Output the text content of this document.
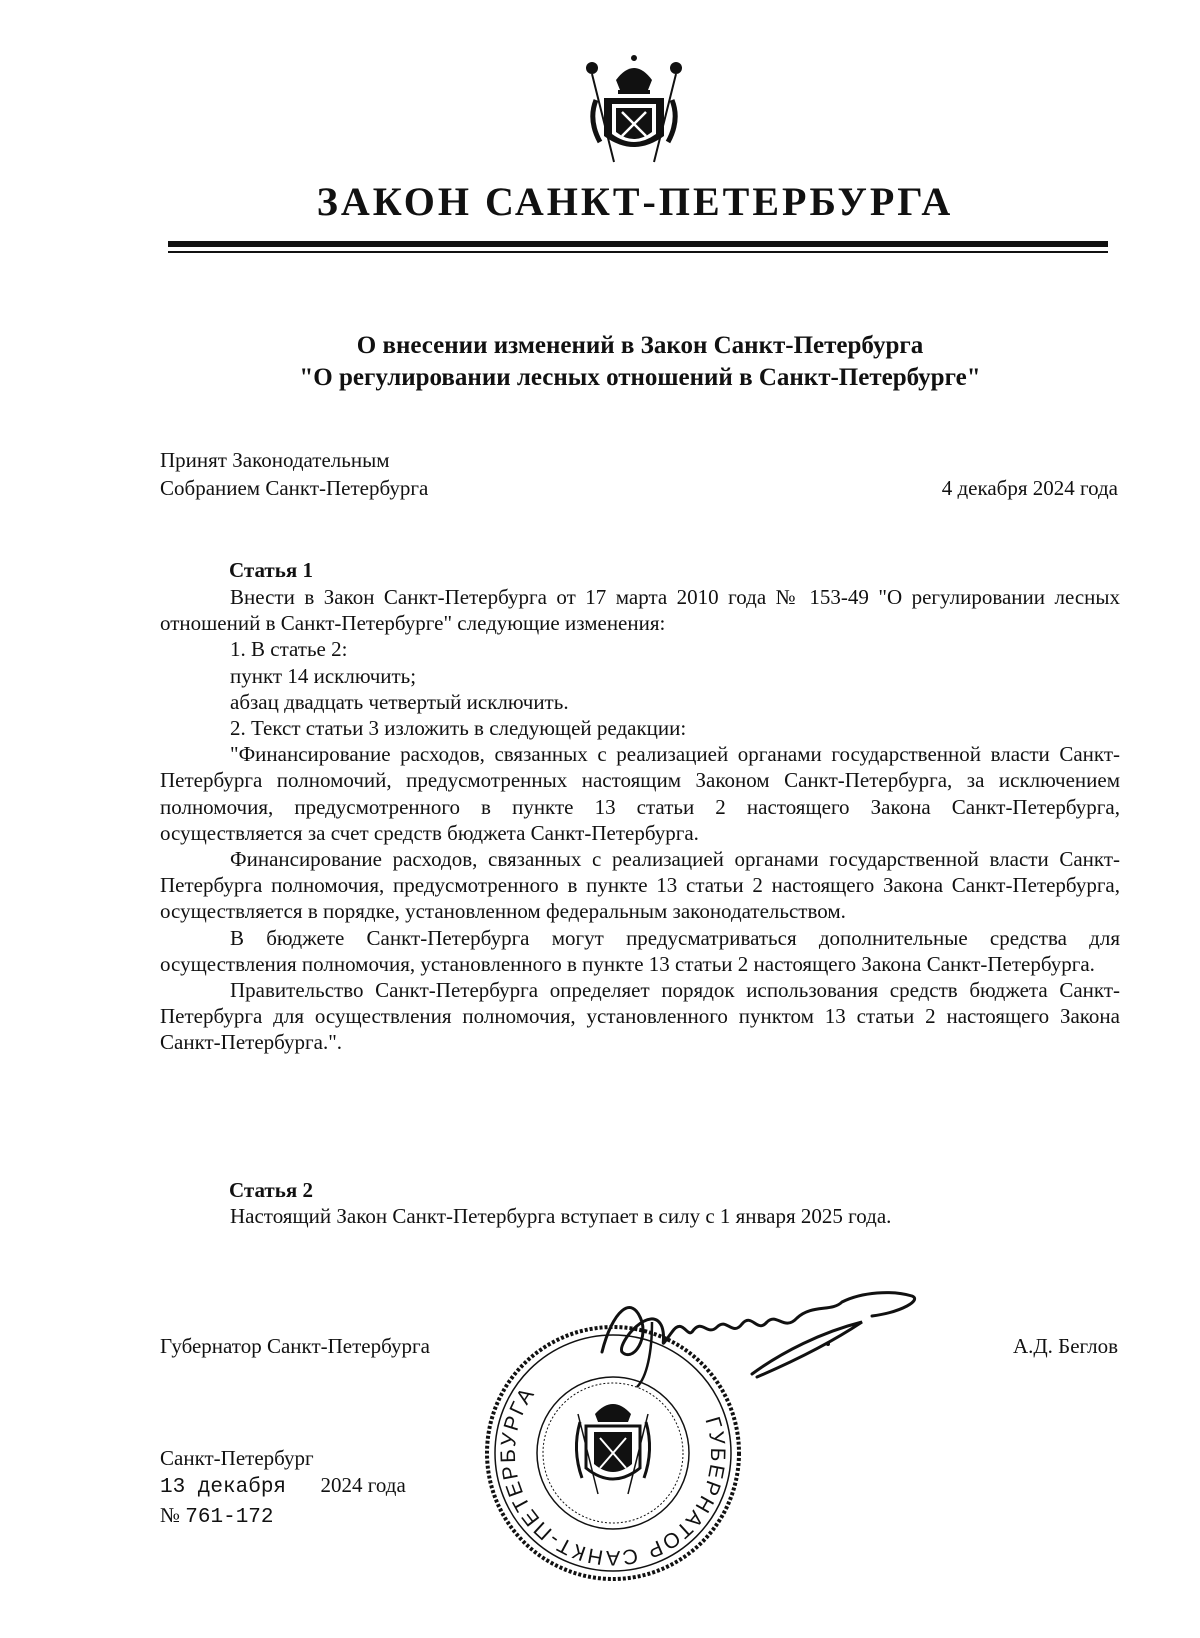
ЗАКОН САНКТ-ПЕТЕРБУРГА
О внесении изменений в Закон Санкт-Петербурга
"О регулировании лесных отношений в Санкт-Петербурге"
Принят Законодательным
Собранием Санкт-Петербурга	4 декабря 2024 года
Статья 1

Внести в Закон Санкт-Петербурга от 17 марта 2010 года № 153-49 "О регулировании лесных отношений в Санкт-Петербурге" следующие изменения:

1. В статье 2:

пункт 14 исключить;

абзац двадцать четвертый исключить.

2. Текст статьи 3 изложить в следующей редакции:

"Финансирование расходов, связанных с реализацией органами государственной власти Санкт-Петербурга полномочий, предусмотренных настоящим Законом Санкт-Петербурга, за исключением полномочия, предусмотренного в пункте 13 статьи 2 настоящего Закона Санкт-Петербурга, осуществляется за счет средств бюджета Санкт-Петербурга.

Финансирование расходов, связанных с реализацией органами государственной власти Санкт-Петербурга полномочия, предусмотренного в пункте 13 статьи 2 настоящего Закона Санкт-Петербурга, осуществляется в порядке, установленном федеральным законодательством.

В бюджете Санкт-Петербурга могут предусматриваться дополнительные средства для осуществления полномочия, установленного в пункте 13 статьи 2 настоящего Закона Санкт-Петербурга.

Правительство Санкт-Петербурга определяет порядок использования средств бюджета Санкт-Петербурга для осуществления полномочия, установленного пунктом 13 статьи 2 настоящего Закона Санкт-Петербурга.".

Статья 2

Настоящий Закон Санкт-Петербурга вступает в силу с 1 января 2025 года.

Губернатор Санкт-Петербурга	А.Д. Беглов
ГУБЕРНАТОР САНКТ-ПЕТЕРБУРГА
Санкт-Петербург
13 декабря 2024 года
№ 761-172
